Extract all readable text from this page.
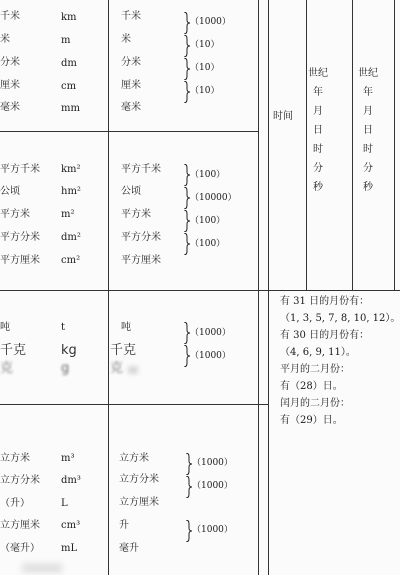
千米
米
分米
厘米
毫米
km
m
dm
cm
mm
千米
米
分米
厘米
毫米
（1000）
（10）
（10）
（10）
平方千米
公顷
平方米
平方分米
平方厘米
km²
hm²
m²
dm²
cm²
平方千米
公顷
平方米
平方分米
平方厘米
（100）
（10000）
（100）
（100）
吨
千克
克
t
kg
g
吨
千克
克
（1000）
（1000）
立方米
立方分米
（升）
立方厘米
（毫升）
m³
dm³
L
cm³
mL
立方米
立方分米
立方厘米
升
毫升
（1000）
（1000）
（1000）
时间
世纪
年
月
日
时
分
秒
世纪
年
月
日
时
分
秒
有 31 日的月份有：
（1, 3, 5, 7, 8, 10, 12）。
有 30 日的月份有：
（4, 6, 9, 11）。
平月的二月份：
有（28）日。
闰月的二月份：
有（29）日。
